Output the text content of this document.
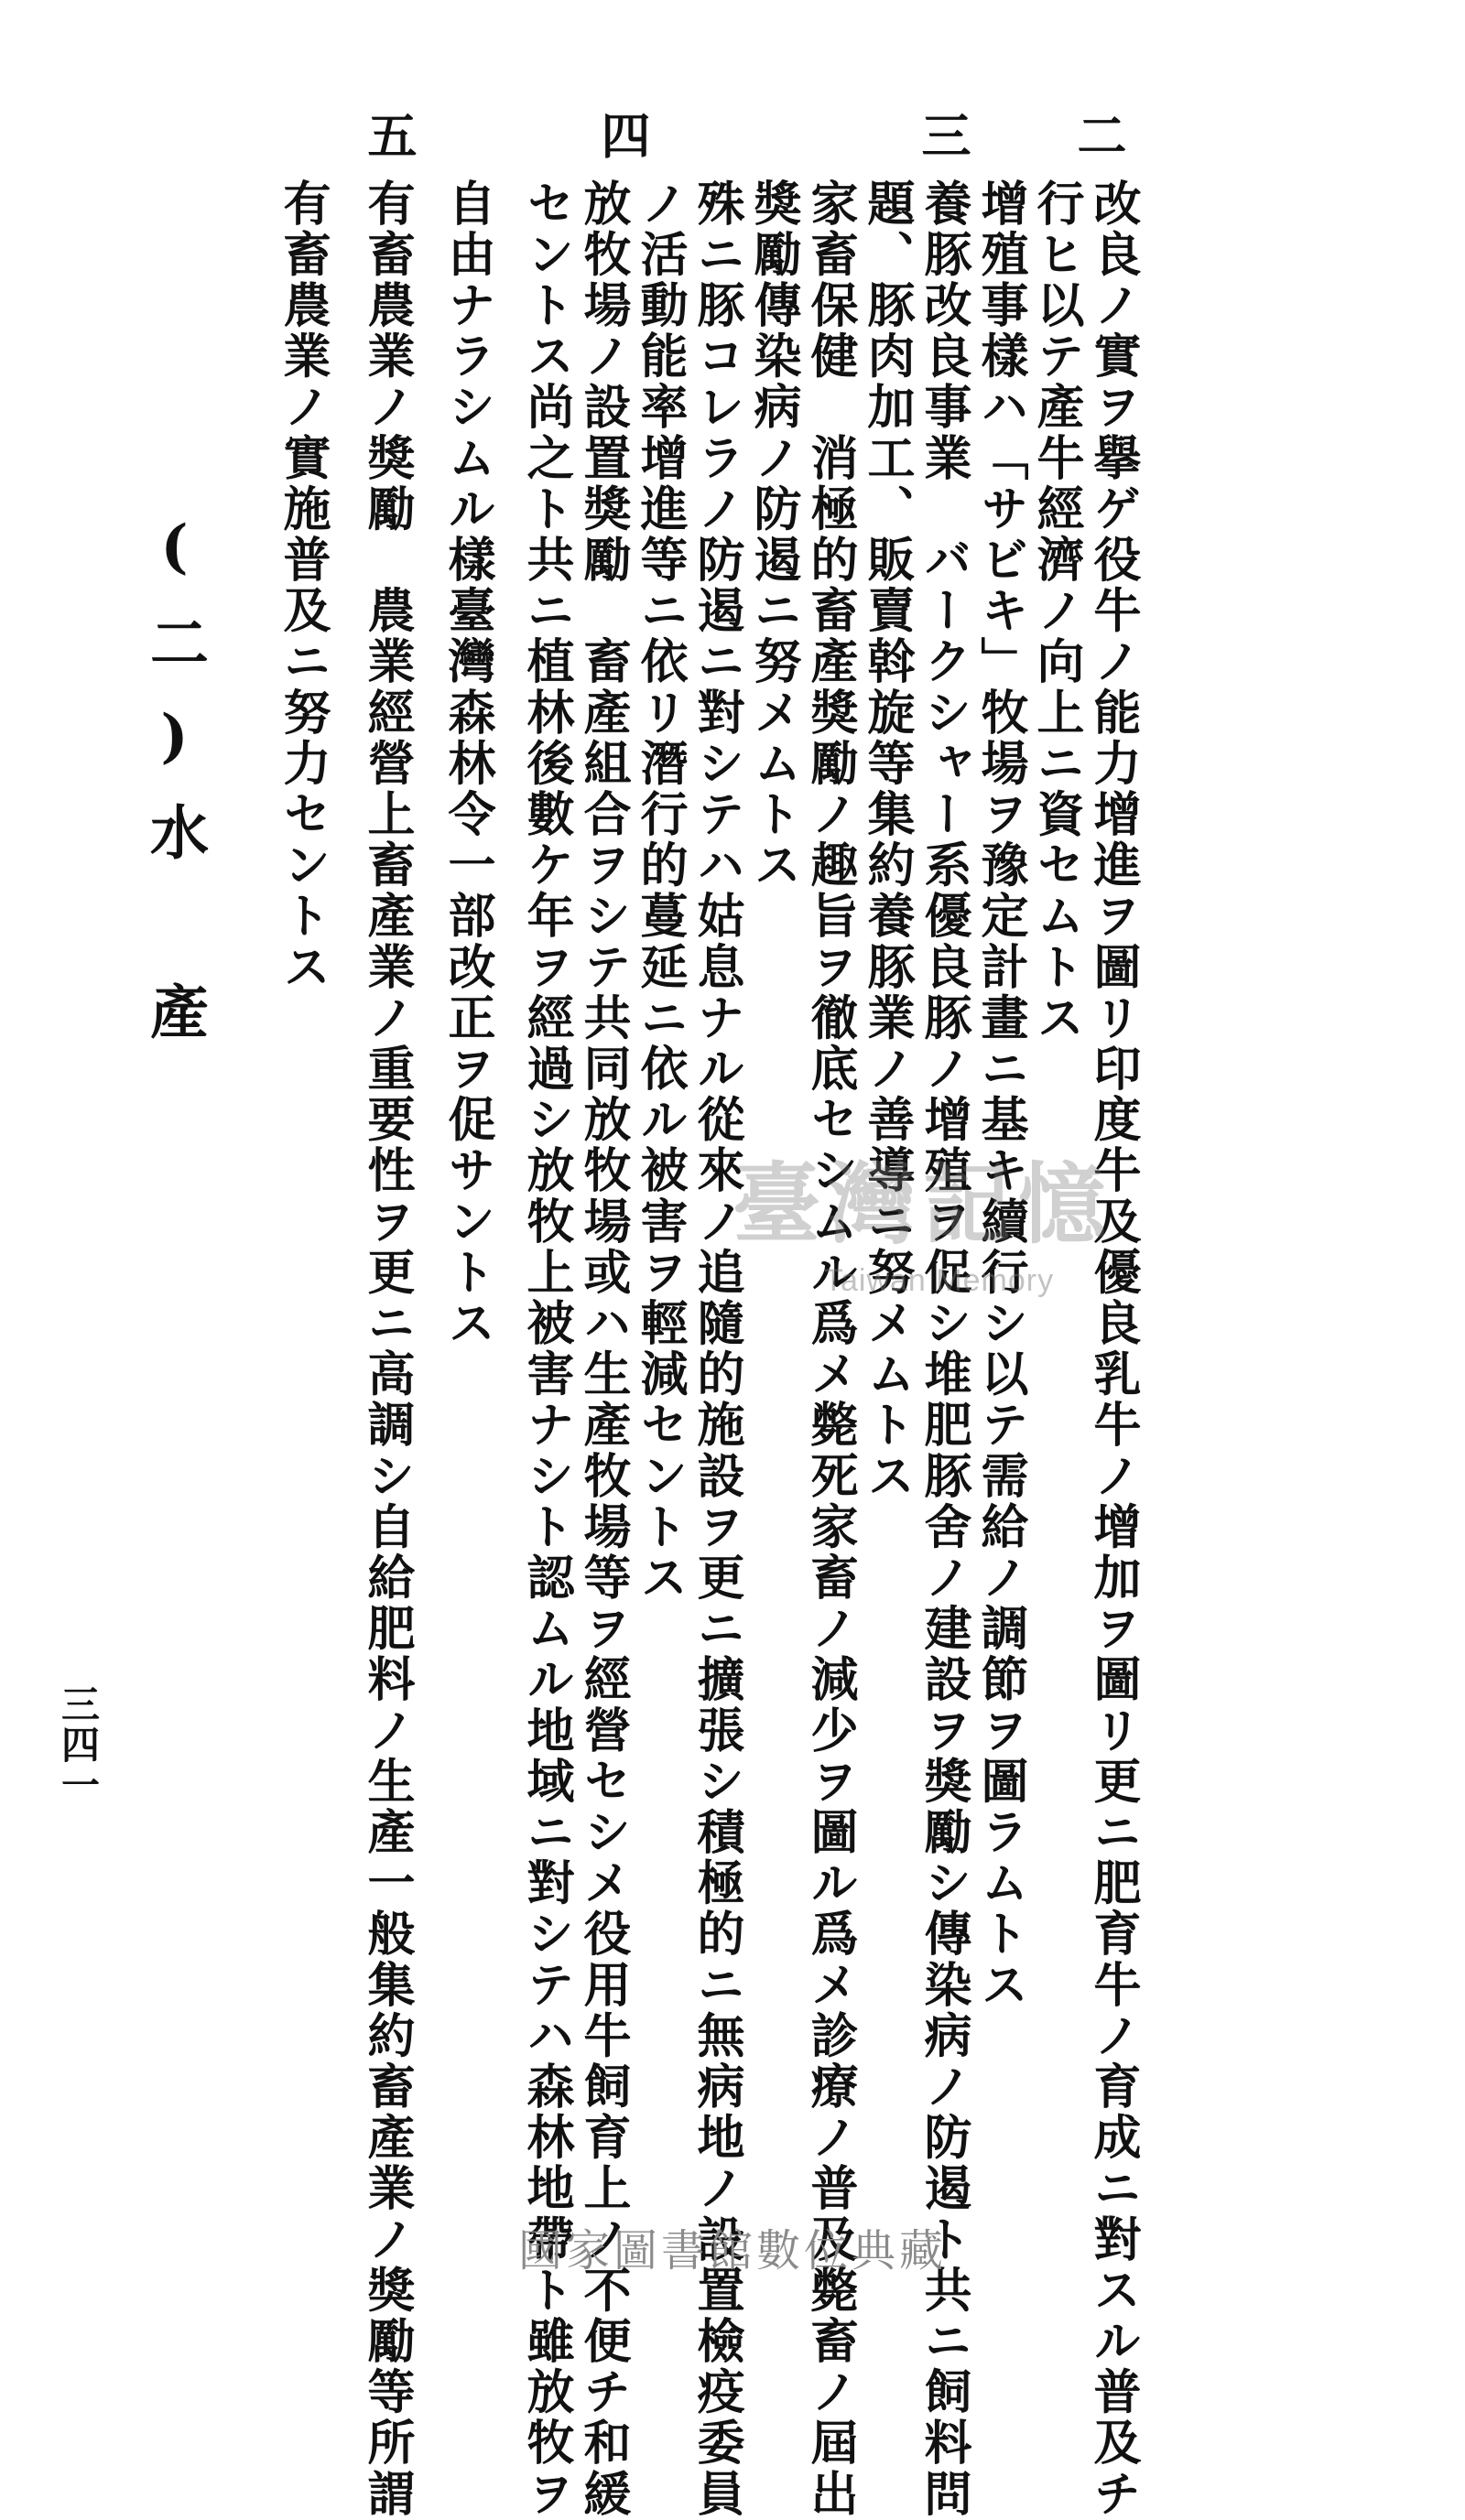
改良ノ實ヲ擧ゲ役牛ノ能力增進ヲ圖リ印度牛及優良乳牛ノ增加ヲ圖リ更ニ肥育牛ノ育成ニ對スル普及チ
行ヒ以テ產牛經濟ノ向上ニ資セムトス
增殖事樣ハ「サビキ」牧場ヲ豫定計畫ニ基キ續行シ以テ需給ノ調節ヲ圖ラムトス
養豚改良事業　バークシャー系優良豚ノ增殖ヲ促シ堆肥豚舍ノ建設ヲ獎勵シ傳染病ノ防遏ト共ニ飼料問
題、豚肉加工、販賣斡旋等集約養豚業ノ善導ニ努メムトス
家畜保健　消極的畜產獎勵ノ趣旨ヲ徹底セシムル爲メ斃死家畜ノ減少ヲ圖ル爲メ診療ノ普及斃畜ノ屆出
獎勵傳染病ノ防遏ニ努メムトス
殊ニ豚コレラノ防遏ニ對シテハ姑息ナル從來ノ追隨的施設ヲ更ニ擴張シ積極的ニ無病地ノ設置檢疫委員
ノ活動能率增進等ニ依リ潛行的蔓延ニ依ル被害ヲ輕減セントス
放牧場ノ設置獎勵　畜產組合ヲシテ共同放牧場或ハ生產牧場等ヲ經營セシメ役用牛飼育上ノ不便チ和緩
セントス尚之ト共ニ植林後數ケ年ヲ經過シ放牧上被害ナシト認ムル地域ニ對シテハ森林地帶ト雖放牧ヲ
自由ナラシムル樣臺灣森林令一部改正ヲ促サントス
有畜農業ノ獎勵　農業經營上畜產業ノ重要性ヲ更ニ高調シ自給肥料ノ生產一般集約畜產業ノ獎勵等所謂
有畜農業ノ實施普及ニ努力セントス
二
三
四
五
(二)水　產
三四一
臺灣記憶
Taiwan Memory
國家圖書館數位典藏
